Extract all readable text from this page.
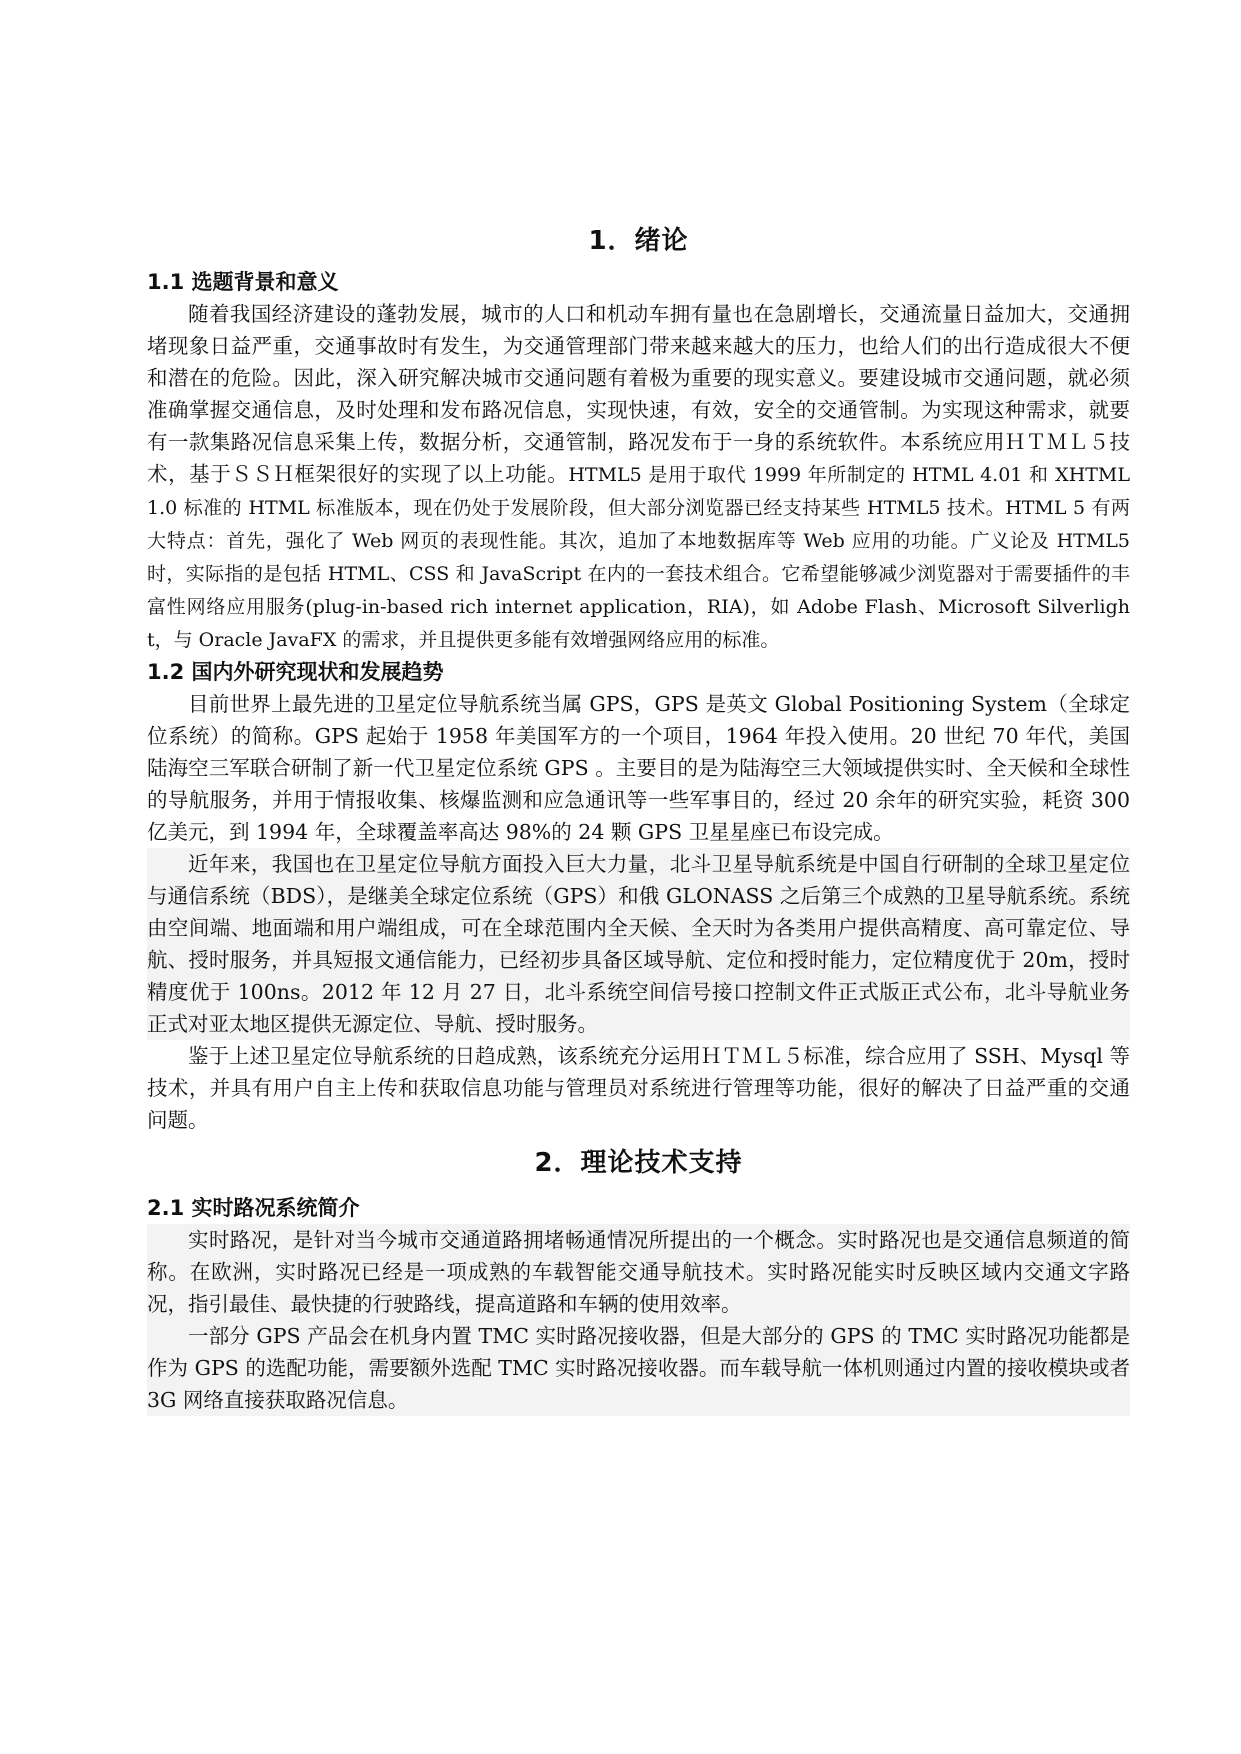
1．绪论
1.1 选题背景和意义

随着我国经济建设的蓬勃发展，城市的人口和机动车拥有量也在急剧增长，交通流量日益加大，交通拥堵现象日益严重，交通事故时有发生，为交通管理部门带来越来越大的压力，也给人们的出行造成很大不便和潜在的危险。因此，深入研究解决城市交通问题有着极为重要的现实意义。要建设城市交通问题，就必须准确掌握交通信息，及时处理和发布路况信息，实现快速，有效，安全的交通管制。为实现这种需求，就要有一款集路况信息采集上传，数据分析，交通管制，路况发布于一身的系统软件。本系统应用ＨＴＭＬ５技术，基于ＳＳＨ框架很好的实现了以上功能。HTML5 是用于取代 1999 年所制定的 HTML 4.01 和 XHTML 1.0 标准的 HTML 标准版本，现在仍处于发展阶段，但大部分浏览器已经支持某些 HTML5 技术。HTML 5 有两大特点：首先，强化了 Web 网页的表现性能。其次，追加了本地数据库等 Web 应用的功能。广义论及 HTML5 时，实际指的是包括 HTML、CSS 和 JavaScript 在内的一套技术组合。它希望能够减少浏览器对于需要插件的丰富性网络应用服务(plug-in-based rich internet application，RIA)，如 Adobe Flash、Microsoft Silverlight，与 Oracle JavaFX 的需求，并且提供更多能有效增强网络应用的标准。

1.2 国内外研究现状和发展趋势

目前世界上最先进的卫星定位导航系统当属 GPS，GPS 是英文 Global Positioning System（全球定位系统）的简称。GPS 起始于 1958 年美国军方的一个项目，1964 年投入使用。20 世纪 70 年代，美国陆海空三军联合研制了新一代卫星定位系统 GPS 。主要目的是为陆海空三大领域提供实时、全天候和全球性的导航服务，并用于情报收集、核爆监测和应急通讯等一些军事目的，经过 20 余年的研究实验，耗资 300 亿美元，到 1994 年，全球覆盖率高达 98%的 24 颗 GPS 卫星星座已布设完成。

近年来，我国也在卫星定位导航方面投入巨大力量，北斗卫星导航系统是中国自行研制的全球卫星定位与通信系统（BDS），是继美全球定位系统（GPS）和俄 GLONASS 之后第三个成熟的卫星导航系统。系统由空间端、地面端和用户端组成，可在全球范围内全天候、全天时为各类用户提供高精度、高可靠定位、导航、授时服务，并具短报文通信能力，已经初步具备区域导航、定位和授时能力，定位精度优于 20m，授时精度优于 100ns。2012 年 12 月 27 日，北斗系统空间信号接口控制文件正式版正式公布，北斗导航业务正式对亚太地区提供无源定位、导航、授时服务。

鉴于上述卫星定位导航系统的日趋成熟，该系统充分运用ＨＴＭＬ５标准，综合应用了 SSH、Mysql 等技术，并具有用户自主上传和获取信息功能与管理员对系统进行管理等功能，很好的解决了日益严重的交通问题。

2．理论技术支持
2.1 实时路况系统简介

实时路况，是针对当今城市交通道路拥堵畅通情况所提出的一个概念。实时路况也是交通信息频道的简称。在欧洲，实时路况已经是一项成熟的车载智能交通导航技术。实时路况能实时反映区域内交通文字路况，指引最佳、最快捷的行驶路线，提高道路和车辆的使用效率。

一部分 GPS 产品会在机身内置 TMC 实时路况接收器，但是大部分的 GPS 的 TMC 实时路况功能都是作为 GPS 的选配功能，需要额外选配 TMC 实时路况接收器。而车载导航一体机则通过内置的接收模块或者 3G 网络直接获取路况信息。
